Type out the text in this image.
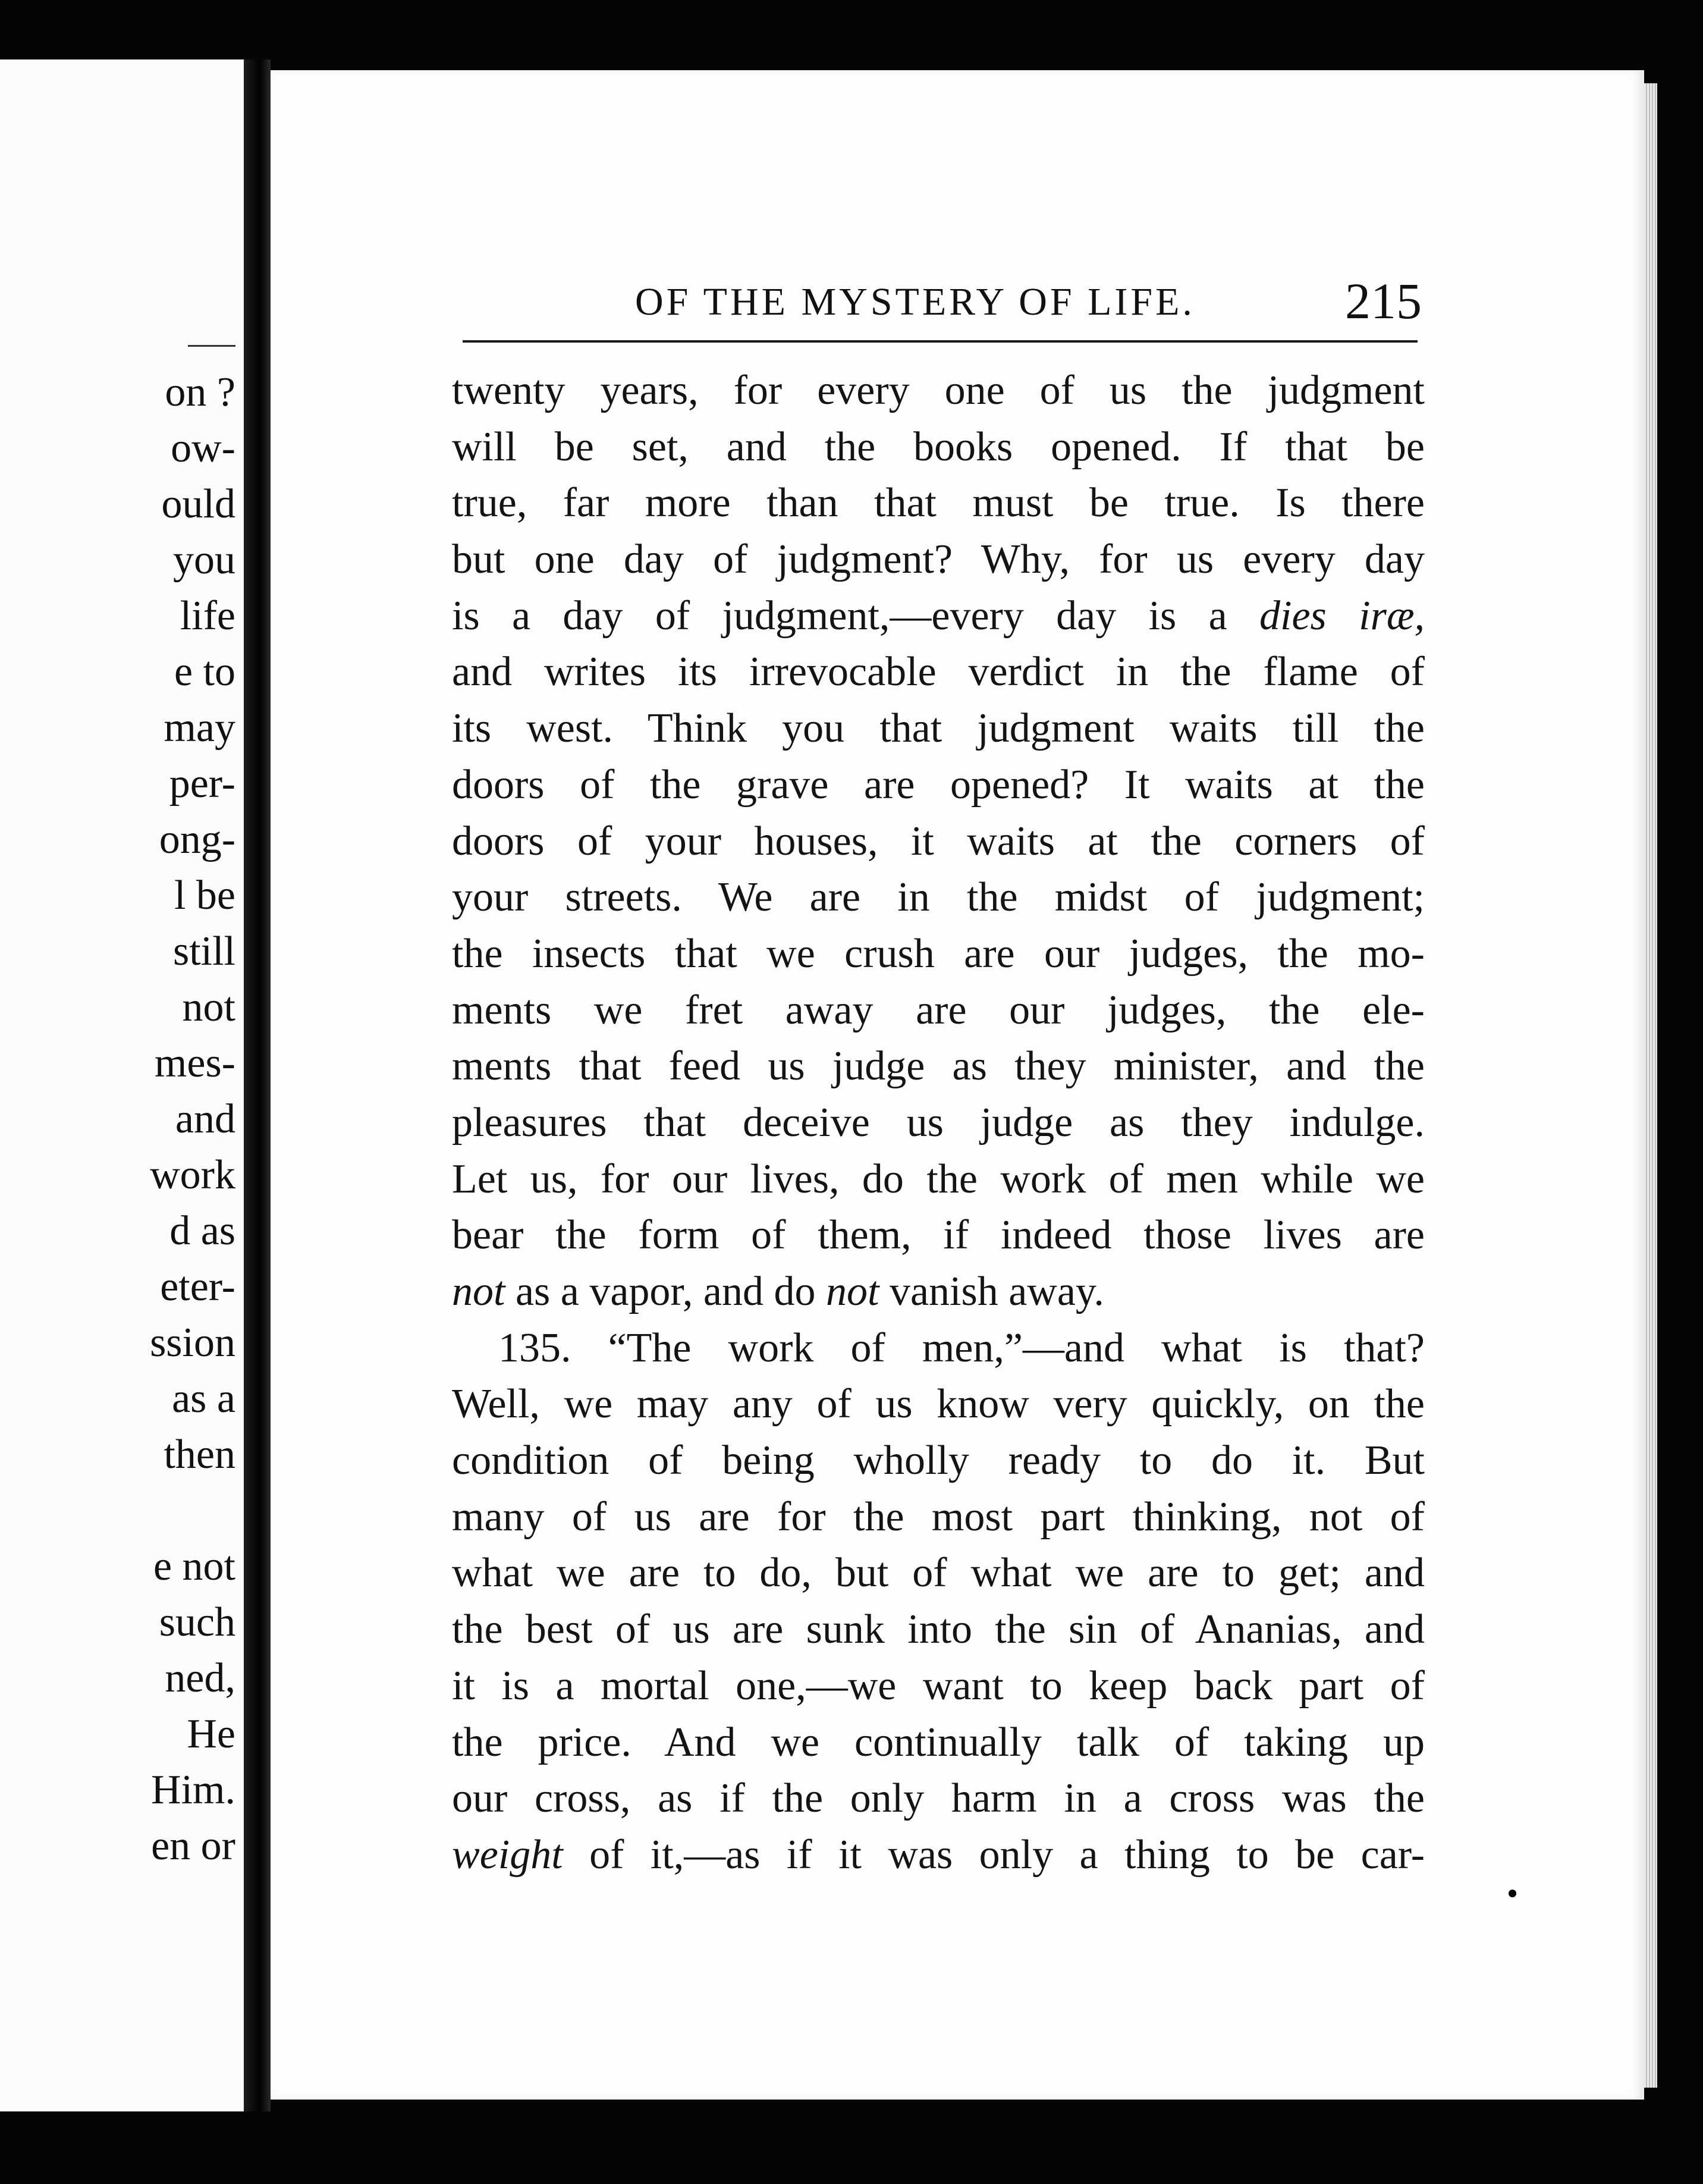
on ?

ow-

ould

you

life

e to

may

per-

ong-

l be

still

not

mes-

and

work

d as

eter-

ssion

as a

then

e not

such

ned,

He

Him.

en or

OF THE MYSTERY OF LIFE.	215

twenty years, for every one of us the judgment

will be set, and the books opened. If that be

true, far more than that must be true. Is there

but one day of judgment? Why, for us every day

is a day of judgment,—every day is a dies iræ,

and writes its irrevocable verdict in the flame of

its west. Think you that judgment waits till the

doors of the grave are opened? It waits at the

doors of your houses, it waits at the corners of

your streets. We are in the midst of judgment;

the insects that we crush are our judges, the mo-

ments we fret away are our judges, the ele-

ments that feed us judge as they minister, and the

pleasures that deceive us judge as they indulge.

Let us, for our lives, do the work of men while we

bear the form of them, if indeed those lives are

not as a vapor, and do not vanish away.

135. “The work of men,”—and what is that?

Well, we may any of us know very quickly, on the

condition of being wholly ready to do it. But

many of us are for the most part thinking, not of

what we are to do, but of what we are to get; and

the best of us are sunk into the sin of Ananias, and

it is a mortal one,—we want to keep back part of

the price. And we continually talk of taking up

our cross, as if the only harm in a cross was the

weight of it,—as if it was only a thing to be car-
